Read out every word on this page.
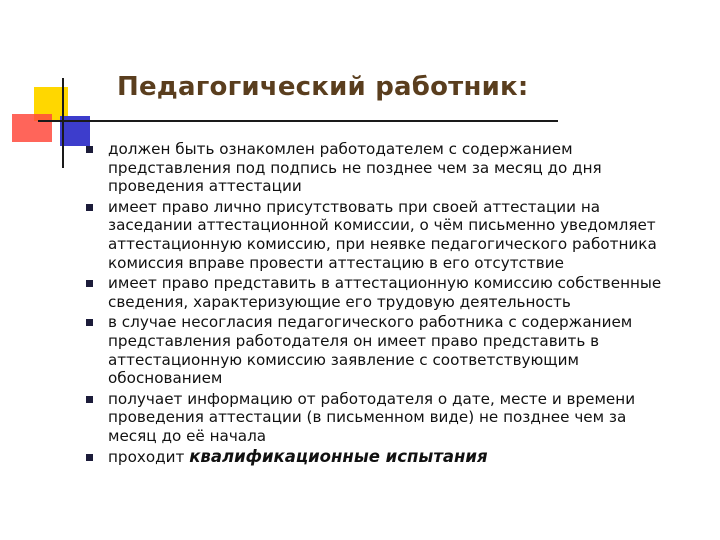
Педагогический работник:
должен быть ознакомлен работодателем с содержанием представления под подпись не позднее чем за месяц до дня проведения аттестации
имеет право лично присутствовать при своей аттестации на заседании аттестационной комиссии, о чём письменно уведомляет аттестационную комиссию, при неявке педагогического работника комиссия вправе провести аттестацию в его отсутствие
имеет право представить в аттестационную комиссию собственные сведения, характеризующие его трудовую деятельность
в случае несогласия педагогического работника с содержанием представления работодателя он имеет право представить в аттестационную комиссию заявление с соответствующим обоснованием
получает информацию от работодателя о дате, месте и времени проведения аттестации (в письменном виде) не позднее чем за месяц до её начала
проходит квалификационные испытания
